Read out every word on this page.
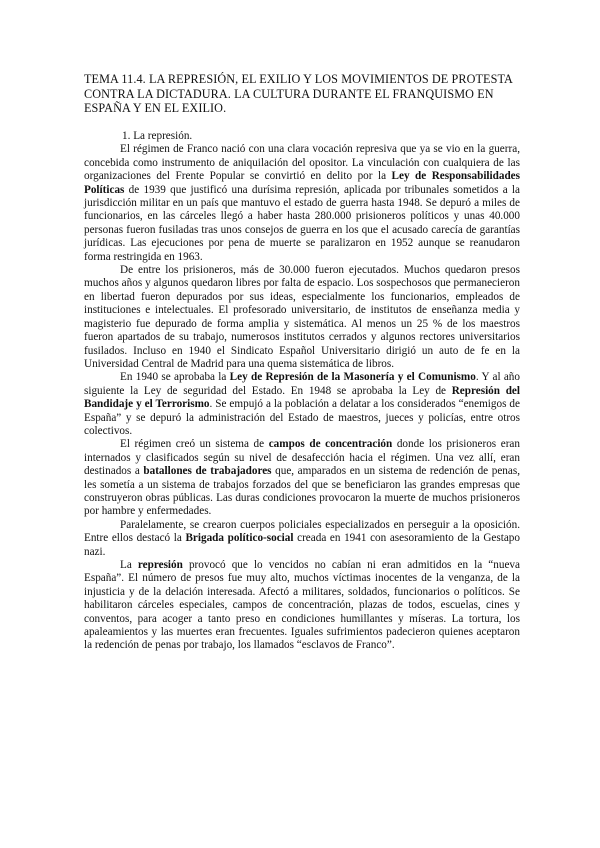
TEMA 11.4. LA REPRESIÓN, EL EXILIO Y LOS MOVIMIENTOS DE PROTESTA CONTRA LA DICTADURA. LA CULTURA DURANTE EL FRANQUISMO EN ESPAÑA Y EN EL EXILIO.

1. La represión.

El régimen de Franco nació con una clara vocación represiva que ya se vio en la guerra, concebida como instrumento de aniquilación del opositor. La vinculación con cualquiera de las organizaciones del Frente Popular se convirtió en delito por la Ley de Responsabilidades Políticas de 1939 que justificó una durísima represión, aplicada por tribunales sometidos a la jurisdicción militar en un país que mantuvo el estado de guerra hasta 1948. Se depuró a miles de funcionarios, en las cárceles llegó a haber hasta 280.000 prisioneros políticos y unas 40.000 personas fueron fusiladas tras unos consejos de guerra en los que el acusado carecía de garantías jurídicas. Las ejecuciones por pena de muerte se paralizaron en 1952 aunque se reanudaron forma restringida en 1963.

De entre los prisioneros, más de 30.000 fueron ejecutados. Muchos quedaron presos muchos años y algunos quedaron libres por falta de espacio. Los sospechosos que permanecieron en libertad fueron depurados por sus ideas, especialmente los funcionarios, empleados de instituciones e intelectuales. El profesorado universitario, de institutos de enseñanza media y magisterio fue depurado de forma amplia y sistemática. Al menos un 25 % de los maestros fueron apartados de su trabajo, numerosos institutos cerrados y algunos rectores universitarios fusilados. Incluso en 1940 el Sindicato Español Universitario dirigió un auto de fe en la Universidad Central de Madrid para una quema sistemática de libros.

En 1940 se aprobaba la Ley de Represión de la Masonería y el Comunismo. Y al año siguiente la Ley de seguridad del Estado. En 1948 se aprobaba la Ley de Represión del Bandidaje y el Terrorismo. Se empujó a la población a delatar a los considerados “enemigos de España” y se depuró la administración del Estado de maestros, jueces y policías, entre otros colectivos.

El régimen creó un sistema de campos de concentración donde los prisioneros eran internados y clasificados según su nivel de desafección hacia el régimen. Una vez allí, eran destinados a batallones de trabajadores que, amparados en un sistema de redención de penas, les sometía a un sistema de trabajos forzados del que se beneficiaron las grandes empresas que construyeron obras públicas. Las duras condiciones provocaron la muerte de muchos prisioneros por hambre y enfermedades.

Paralelamente, se crearon cuerpos policiales especializados en perseguir a la oposición. Entre ellos destacó la Brigada político-social creada en 1941 con asesoramiento de la Gestapo nazi.

La represión provocó que lo vencidos no cabían ni eran admitidos en la “nueva España”. El número de presos fue muy alto, muchos víctimas inocentes de la venganza, de la injusticia y de la delación interesada. Afectó a militares, soldados, funcionarios o políticos. Se habilitaron cárceles especiales, campos de concentración, plazas de todos, escuelas, cines y conventos, para acoger a tanto preso en condiciones humillantes y míseras. La tortura, los apaleamientos y las muertes eran frecuentes. Iguales sufrimientos padecieron quienes aceptaron la redención de penas por trabajo, los llamados “esclavos de Franco”.
